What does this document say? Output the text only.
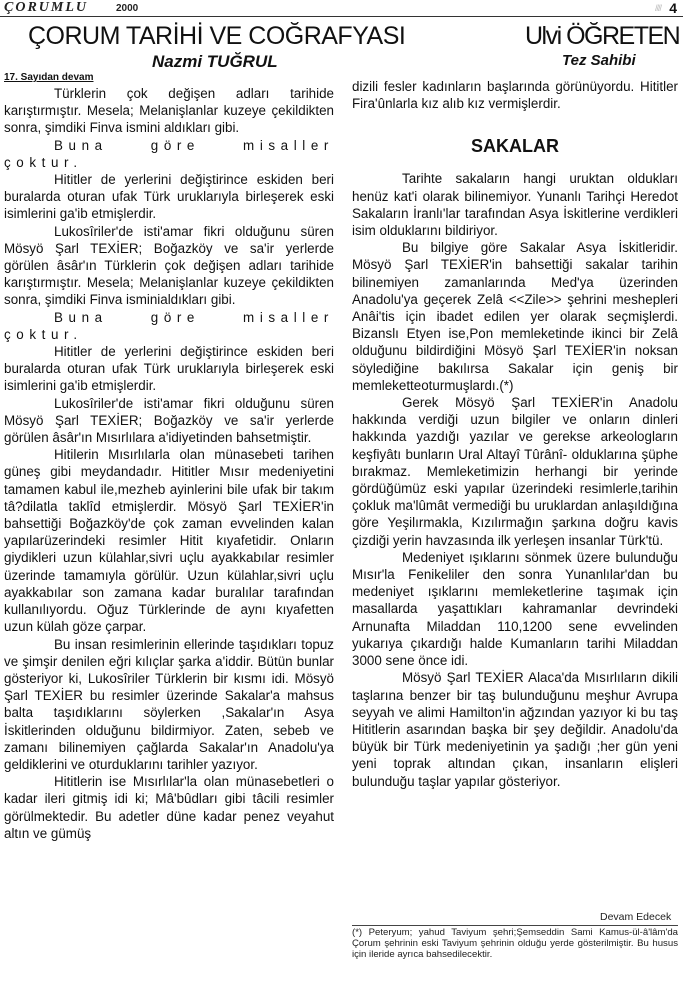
ÇORUMLU	2000	//// 4
ÇORUM TARİHİ VE COĞRAFYASI
Nazmi TUĞRUL
Ulvi ÖĞRETEN
Tez Sahibi
17. Sayıdan devam

Türklerin çok değişen adları tarihide karıştırmıştır. Mesela; Melanişlanlar kuzeye çekildikten sonra, şimdiki Finva ismini aldıkları gibi.

Buna göre misaller çoktur.

Hititler de yerlerini değiştirince eskiden beri buralarda oturan ufak Türk uruklarıyla birleşerek eski isimlerini ga'ib etmişlerdir.

Lukosîriler'de isti'amar fikri olduğunu süren Mösyö Şarl TEXİER; Boğazköy ve sa'ir yerlerde görülen âsâr'ın Türklerin çok değişen adları tarihide karıştırmıştır. Mesela; Melanişlanlar kuzeye çekildikten sonra, şimdiki Finva isminialdıkları gibi.

Buna göre misaller çoktur.

Hititler de yerlerini değiştirince eskiden beri buralarda oturan ufak Türk uruklarıyla birleşerek eski isimlerini ga'ib etmişlerdir.

Lukosîriler'de isti'amar fikri olduğunu süren Mösyö Şarl TEXİER; Boğazköy ve sa'ir yerlerde görülen âsâr'ın Mısırlılara a'idiyetinden bahsetmiştir.

Hitilerin Mısırlılarla olan münasebeti tarihen güneş gibi meydandadır. Hititler Mısır medeniyetini tamamen kabul ile,mezheb ayinlerini bile ufak bir takım tâ?dilatla taklîd etmişlerdir. Mösyö Şarl TEXİER'in bahsettiği Boğazköy'de çok zaman evvelinden kalan yapılarüzerindeki resimler Hitit kıyafetidir. Onların giydikleri uzun külahlar,sivri uçlu ayakkabılar resimler üzerinde tamamıyla görülür. Uzun külahlar,sivri uçlu ayakkabılar son zamana kadar buralılar tarafından kullanılıyordu. Oğuz Türklerinde de aynı kıyafetten uzun külah göze çarpar.

Bu insan resimlerinin ellerinde taşıdıkları topuz ve şimşir denilen eğri kılıçlar şarka a'iddir. Bütün bunlar gösteriyor ki, Lukosîriler Türklerin bir kısmı idi. Mösyö Şarl TEXİER bu resimler üzerinde Sakalar'a mahsus balta taşıdıklarını söylerken ,Sakalar'ın Asya İskitlerinden olduğunu bildirmiyor. Zaten, sebeb ve zamanı bilinemiyen çağlarda Sakalar'ın Anadolu'ya geldiklerini ve oturduklarını tarihler yazıyor.

Hititlerin ise Mısırlılar'la olan münasebetleri o kadar ileri gitmiş idi ki; Mâ'bûdları gibi tâcili resimler görülmektedir. Bu adetler düne kadar penez veyahut altın ve gümüş

dizili fesler kadınların başlarında görünüyordu. Hititler Fira'ûnlarla kız alıb kız vermişlerdir.

SAKALAR

Tarihte sakaların hangi uruktan oldukları henüz kat'i olarak bilinemiyor. Yunanlı Tarihçi Heredot Sakaların İranlı'lar tarafından Asya İskitlerine verdikleri isim olduklarını bildiriyor.

Bu bilgiye göre Sakalar Asya İskitleridir. Mösyö Şarl TEXİER'in bahsettiği sakalar tarihin bilinemiyen zamanlarında Med'ya üzerinden Anadolu'ya geçerek Zelâ <<Zile>> şehrini meshepleri Anâi'tis için ibadet edilen yer olarak seçmişlerdi. Bizanslı Etyen ise,Pon memleketinde ikinci bir Zelâ olduğunu bildirdiğini Mösyö Şarl TEXİER'in noksan söylediğine bakılırsa Sakalar için geniş bir memleketteoturmuşlardı.(*)

Gerek Mösyö Şarl TEXİER'in Anadolu hakkında verdiği uzun bilgiler ve onların dinleri hakkında yazdığı yazılar ve gerekse arkeologların keşfiyâtı bunların Ural Altayî Tûrânî- olduklarına şüphe bırakmaz. Memleketimizin herhangi bir yerinde gördüğümüz eski yapılar üzerindeki resimlerle,tarihin çokluk ma'lûmât vermediği bu uruklardan anlaşıldığına göre Yeşilırmakla, Kızılırmağın şarkına doğru kavis çizdiği yerin havzasında ilk yerleşen insanlar Türk'tü.

Medeniyet ışıklarını sönmek üzere bulunduğu Mısır'la Fenikeliler den sonra Yunanlılar'dan bu medeniyet ışıklarını memleketlerine taşımak için masallarda yaşattıkları kahramanlar devrindeki Arnunafta Miladdan 110,1200 sene evvelinden yukarıya çıkardığı halde Kumanların tarihi Miladdan 3000 sene önce idi.

Mösyö Şarl TEXİER Alaca'da Mısırlıların dikili taşlarına benzer bir taş bulunduğunu meşhur Avrupa seyyah ve alimi Hamilton'in ağzından yazıyor ki bu taş Hititlerin asarından başka bir şey değildir. Anadolu'da büyük bir Türk medeniyetinin ya şadığı ;her gün yeni yeni toprak altından çıkan, insanların elişleri bulunduğu taşlar yapılar gösteriyor.

Devam Edecek
(*) Peteryum; yahud Taviyum şehri;Şemseddin Sami Kamus-ül-â'lâm'da Çorum şehrinin eski Taviyum şehrinin olduğu yerde gösterilmiştir. Bu husus için ileride ayrıca bahsedilecektir.
